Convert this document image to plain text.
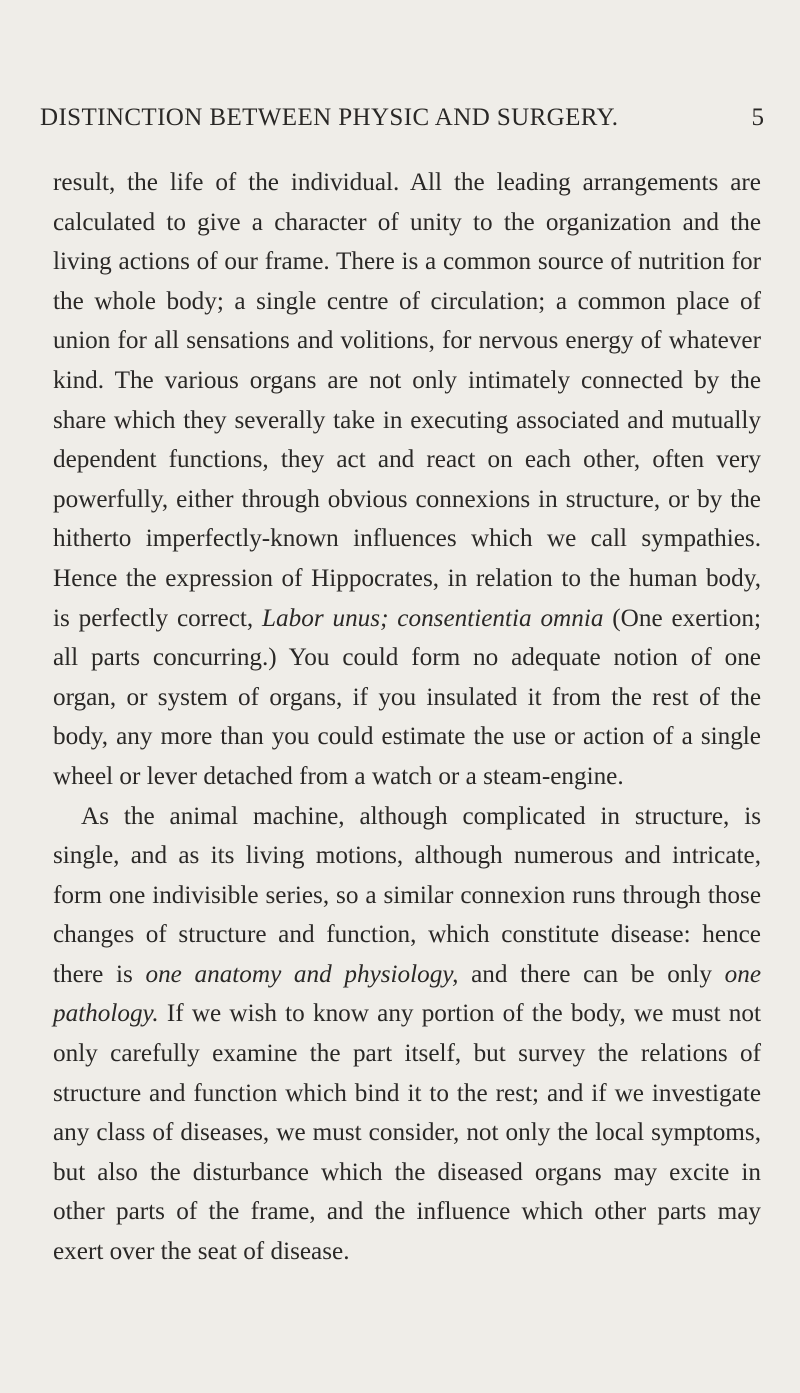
DISTINCTION BETWEEN PHYSIC AND SURGERY.	5

result, the life of the individual. All the leading arrangements are calculated to give a character of unity to the organization and the living actions of our frame. There is a common source of nutrition for the whole body; a single centre of circulation; a common place of union for all sensations and volitions, for nervous energy of whatever kind. The various organs are not only intimately connected by the share which they severally take in executing associated and mutually dependent functions, they act and react on each other, often very powerfully, either through obvious connexions in structure, or by the hitherto imperfectly-known influences which we call sympathies. Hence the expression of Hippocrates, in relation to the human body, is perfectly correct, Labor unus; consentientia omnia (One exertion; all parts concurring.) You could form no adequate notion of one organ, or system of organs, if you insulated it from the rest of the body, any more than you could estimate the use or action of a single wheel or lever detached from a watch or a steam-engine.

As the animal machine, although complicated in structure, is single, and as its living motions, although numerous and intricate, form one indivisible series, so a similar connexion runs through those changes of structure and function, which constitute disease: hence there is one anatomy and physiology, and there can be only one pathology. If we wish to know any portion of the body, we must not only carefully examine the part itself, but survey the relations of structure and function which bind it to the rest; and if we investigate any class of diseases, we must consider, not only the local symptoms, but also the disturbance which the diseased organs may excite in other parts of the frame, and the influence which other parts may exert over the seat of disease.
